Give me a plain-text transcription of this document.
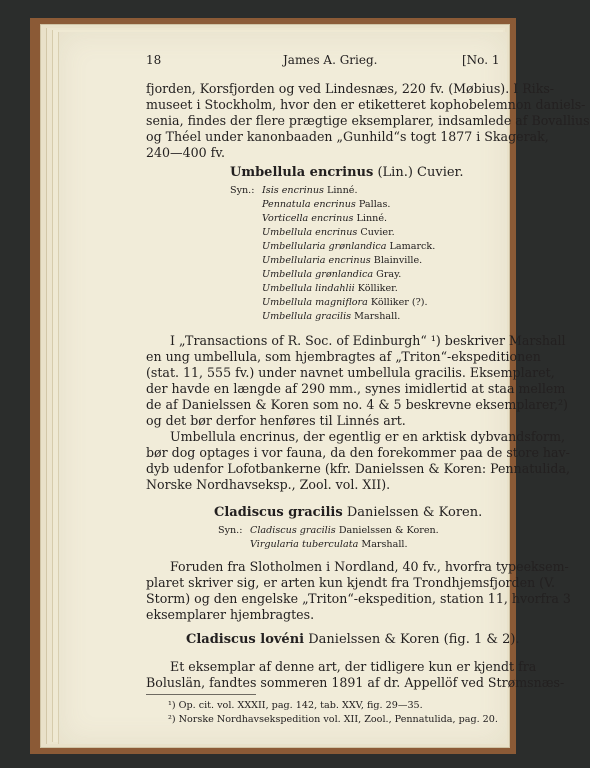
18	James A. Grieg.	[No. 1
fjorden, Korsfjorden og ved Lindesnæs, 220 fv. (Møbius). I Riks-
museet i Stockholm, hvor den er etiketteret kophobelemnon daniels-
senia, findes der flere prægtige eksemplarer, indsamlede af Bovallius
og Théel under kanonbaaden „Gunhild“s togt 1877 i Skagerak,
240—400 fv.
Umbellula encrinus (Lin.) Cuvier.
Syn.: Isis encrinus Linné.
Pennatula encrinus Pallas.
Vorticella encrinus Linné.
Umbellula encrinus Cuvier.
Umbellularia grønlandica Lamarck.
Umbellularia encrinus Blainville.
Umbellula grønlandica Gray.
Umbellula lindahlii Kölliker.
Umbellula magniflora Kölliker (?).
Umbellula gracilis Marshall.
I „Transactions of R. Soc. of Edinburgh“ ¹) beskriver Marshall
en ung umbellula, som hjembragtes af „Triton“-ekspeditionen
(stat. 11, 555 fv.) under navnet umbellula gracilis. Eksemplaret,
der havde en længde af 290 mm., synes imidlertid at staa mellem
de af Danielssen & Koren som no. 4 & 5 beskrevne eksemplarer,²)
og det bør derfor henføres til Linnés art.
Umbellula encrinus, der egentlig er en arktisk dybvandsform,
bør dog optages i vor fauna, da den forekommer paa de store hav-
dyb udenfor Lofotbankerne (kfr. Danielssen & Koren: Pennatulida,
Norske Nordhavseksp., Zool. vol. XII).
Cladiscus gracilis Danielssen & Koren.
Syn.: Cladiscus gracilis Danielssen & Koren.
Virgularia tuberculata Marshall.
Foruden fra Slotholmen i Nordland, 40 fv., hvorfra typeeksem-
plaret skriver sig, er arten kun kjendt fra Trondhjemsfjorden (V.
Storm) og den engelske „Triton“-ekspedition, station 11, hvorfra 3
eksemplarer hjembragtes.
Cladiscus lovéni Danielssen & Koren (fig. 1 & 2).
Et eksemplar af denne art, der tidligere kun er kjendt fra
Boluslän, fandtes sommeren 1891 af dr. Appellöf ved Strømsnæs-
¹) Op. cit. vol. XXXII, pag. 142, tab. XXV, fig. 29—35.
²) Norske Nordhavsekspedition vol. XII, Zool., Pennatulida, pag. 20.
